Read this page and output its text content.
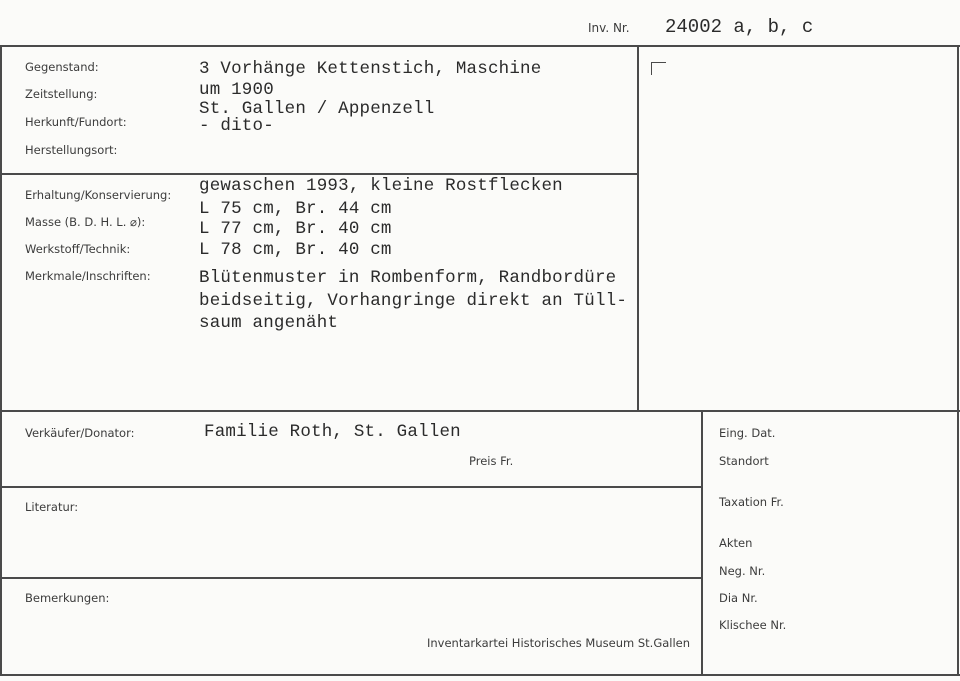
Inv. Nr. 24002 a, b, c
Gegenstand:
Zeitstellung:
Herkunft/Fundort:
Herstellungsort:
3 Vorhänge Kettenstich, Maschine
um 1900
St. Gallen / Appenzell
- dito-
Erhaltung/Konservierung:
Masse (B. D. H. L. ⌀):
Werkstoff/Technik:
Merkmale/Inschriften:
gewaschen 1993, kleine Rostflecken
L 75 cm, Br. 44 cm
L 77 cm, Br. 40 cm
L 78 cm, Br. 40 cm
Blütenmuster in Rombenform, Randbordüre
beidseitig, Vorhangringe direkt an Tüll-
saum angenäht
Verkäufer/Donator:	Familie Roth, St. Gallen
Preis Fr.
Literatur:
Bemerkungen:
Inventarkartei Historisches Museum St.Gallen
Eing. Dat.
Standort
Taxation Fr.
Akten
Neg. Nr.
Dia Nr.
Klischee Nr.
